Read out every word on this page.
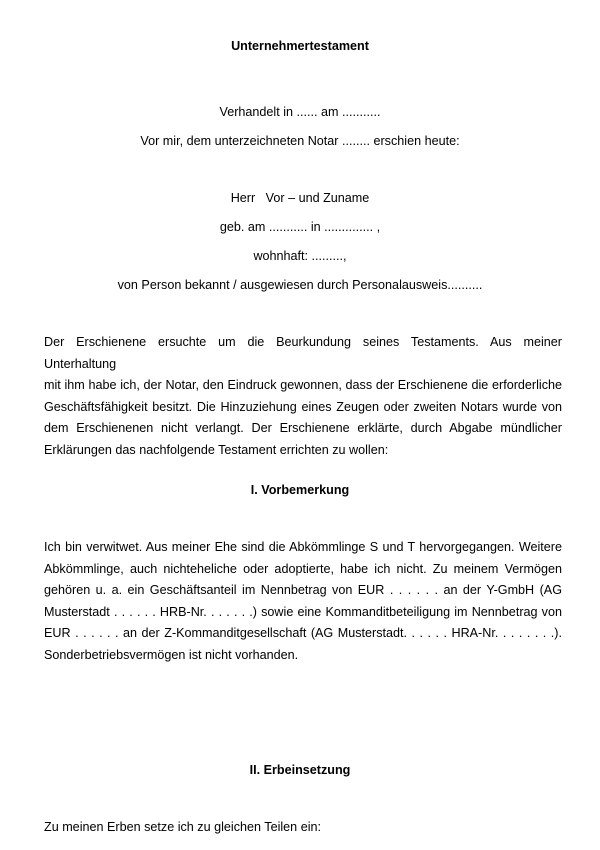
Unternehmertestament
Verhandelt in ...... am ...........
Vor mir, dem unterzeichneten Notar ........ erschien heute:
Herr   Vor – und Zuname
geb. am ........... in .............. ,
wohnhaft: .........,
von Person bekannt / ausgewiesen durch Personalausweis..........
Der Erschienene ersuchte um die Beurkundung seines Testaments. Aus meiner Unterhaltung
mit ihm habe ich, der Notar, den Eindruck gewonnen, dass der Erschienene die erforderliche
Geschäftsfähigkeit besitzt. Die Hinzuziehung eines Zeugen oder zweiten Notars wurde von
dem Erschienenen nicht verlangt. Der Erschienene erklärte, durch Abgabe mündlicher
Erklärungen das nachfolgende Testament errichten zu wollen:
I. Vorbemerkung
Ich bin verwitwet. Aus meiner Ehe sind die Abkömmlinge S und T hervorgegangen. Weitere
Abkömmlinge, auch nichteheliche oder adoptierte, habe ich nicht. Zu meinem Vermögen
gehören u. a. ein Geschäftsanteil im Nennbetrag von EUR . . . . . . an der Y-GmbH (AG
Musterstadt . . . . . . HRB-Nr. . . . . . .) sowie eine Kommanditbeteiligung im Nennbetrag von
EUR . . . . . . an der Z-Kommanditgesellschaft (AG Musterstadt. . . . . . HRA-Nr. . . . . . . .).
Sonderbetriebsvermögen ist nicht vorhanden.
II. Erbeinsetzung
Zu meinen Erben setze ich zu gleichen Teilen ein:
